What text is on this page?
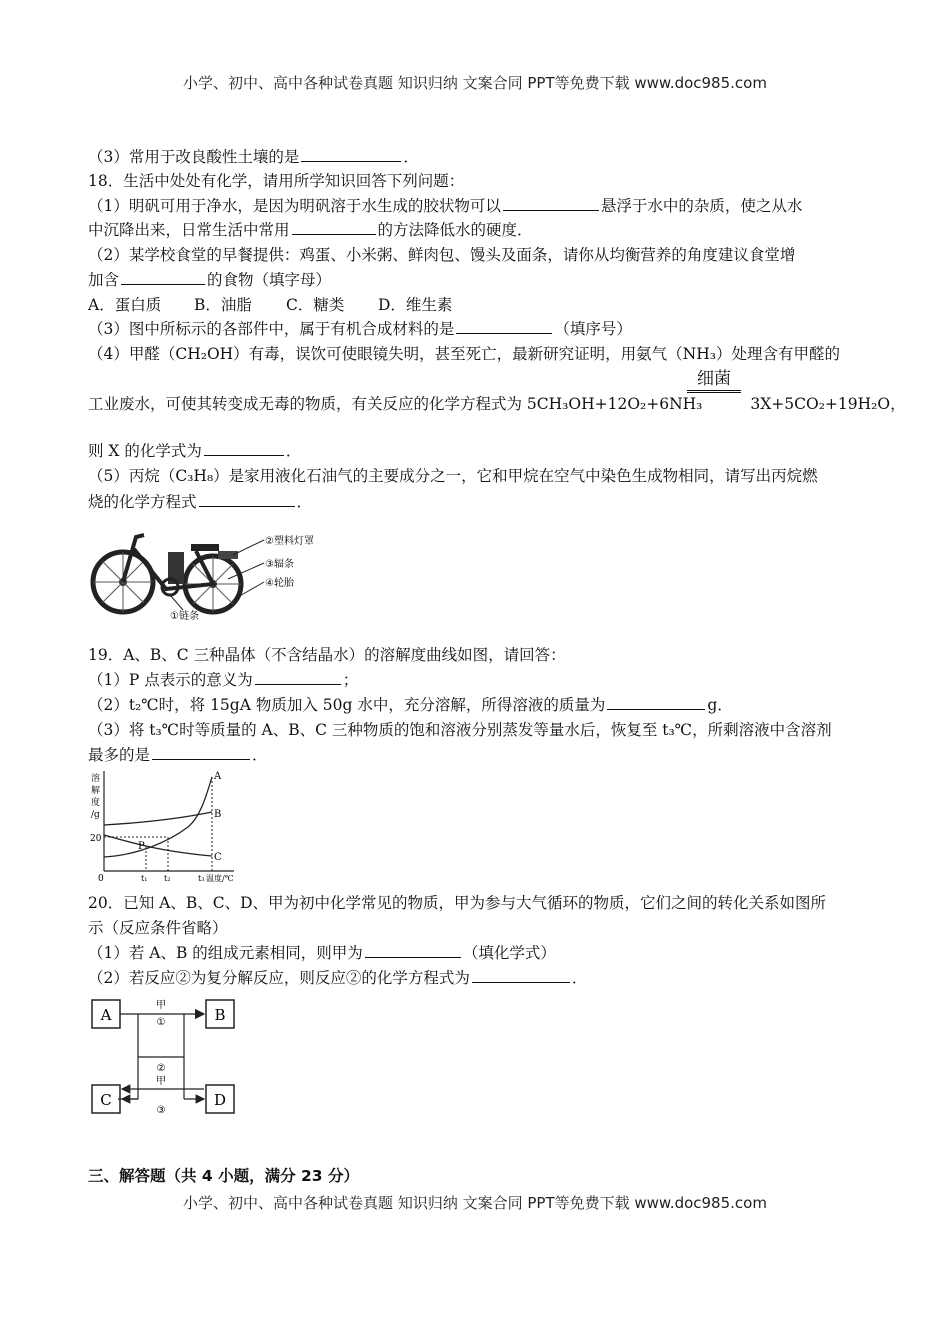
小学、初中、高中各种试卷真题 知识归纳 文案合同 PPT等免费下载 www.doc985.com
（3）常用于改良酸性土壤的是	．
18．生活中处处有化学，请用所学知识回答下列问题：
（1）明矾可用于净水，是因为明矾溶于水生成的胶状物可以	悬浮于水中的杂质，使之从水
中沉降出来，日常生活中常用	的方法降低水的硬度．
（2）某学校食堂的早餐提供：鸡蛋、小米粥、鲜肉包、馒头及面条，请你从均衡营养的角度建议食堂增
加含	的食物（填字母）
A．蛋白质 B．油脂 C．糖类 D．维生素
（3）图中所标示的各部件中，属于有机合成材料的是	（填序号）
（4）甲醛（CH₂OH）有毒，误饮可使眼镜失明，甚至死亡，最新研究证明，用氨气（NH₃）处理含有甲醛的
工业废水，可使其转变成无毒的物质，有关反应的化学方程式为 5CH₃OH+12O₂+6NH₃	3X+5CO₂+19H₂O，
细菌
则 X 的化学式为	．
（5）丙烷（C₃H₈）是家用液化石油气的主要成分之一，它和甲烷在空气中染色生成物相同，请写出丙烷燃
烧的化学方程式	．
②塑料灯罩
③辐条
④轮胎
①链条
19．A、B、C 三种晶体（不含结晶水）的溶解度曲线如图，请回答：
（1）P 点表示的意义为	；
（2）t₂℃时，将 15gA 物质加入 50g 水中，充分溶解，所得溶液的质量为	g．
（3）将 t₃℃时等质量的 A、B、C 三种物质的饱和溶液分别蒸发等量水后，恢复至 t₃℃，所剩溶液中含溶剂
最多的是	．
溶
解
度
/g
20
0
A
B
C
P
t₁ t₂	t₃ 温度/℃
20．已知 A、B、C、D、甲为初中化学常见的物质，甲为参与大气循环的物质，它们之间的转化关系如图所
示（反应条件省略）
（1）若 A、B 的组成元素相同，则甲为	（填化学式）
（2）若反应②为复分解反应，则反应②的化学方程式为	．
A	B
C	D
甲
①
②
甲
③
三、解答题（共 4 小题，满分 23 分）
小学、初中、高中各种试卷真题 知识归纳 文案合同 PPT等免费下载 www.doc985.com
